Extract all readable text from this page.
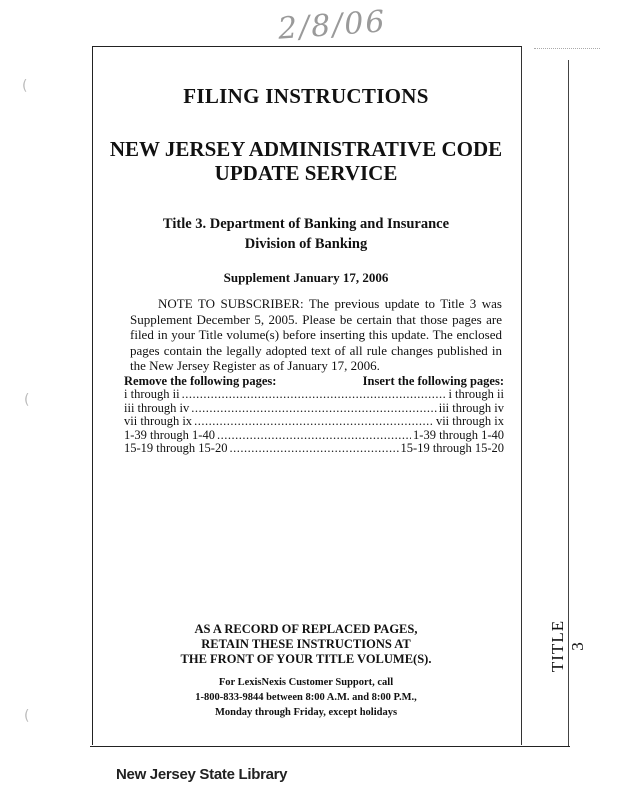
2/8/06
(
(
(
FILING INSTRUCTIONS
NEW JERSEY ADMINISTRATIVE CODE
UPDATE SERVICE
Title 3. Department of Banking and Insurance
Division of Banking
Supplement January 17, 2006
NOTE TO SUBSCRIBER: The previous update to Title 3 was Supplement December 5, 2005. Please be certain that those pages are filed in your Title volume(s) before inserting this update. The enclosed pages contain the legally adopted text of all rule changes published in the New Jersey Register as of January 17, 2006.
Remove the following pages:	Insert the following pages:
i through ii .....	i through ii
iii through iv .....	iii through iv
vii through ix .....	vii through ix
1-39 through 1-40 .....	1-39 through 1-40
15-19 through 15-20 .....	15-19 through 15-20
AS A RECORD OF REPLACED PAGES,
RETAIN THESE INSTRUCTIONS AT
THE FRONT OF YOUR TITLE VOLUME(S).
For LexisNexis Customer Support, call
1-800-833-9844 between 8:00 A.M. and 8:00 P.M.,
Monday through Friday, except holidays
TITLE 3
New Jersey State Library
